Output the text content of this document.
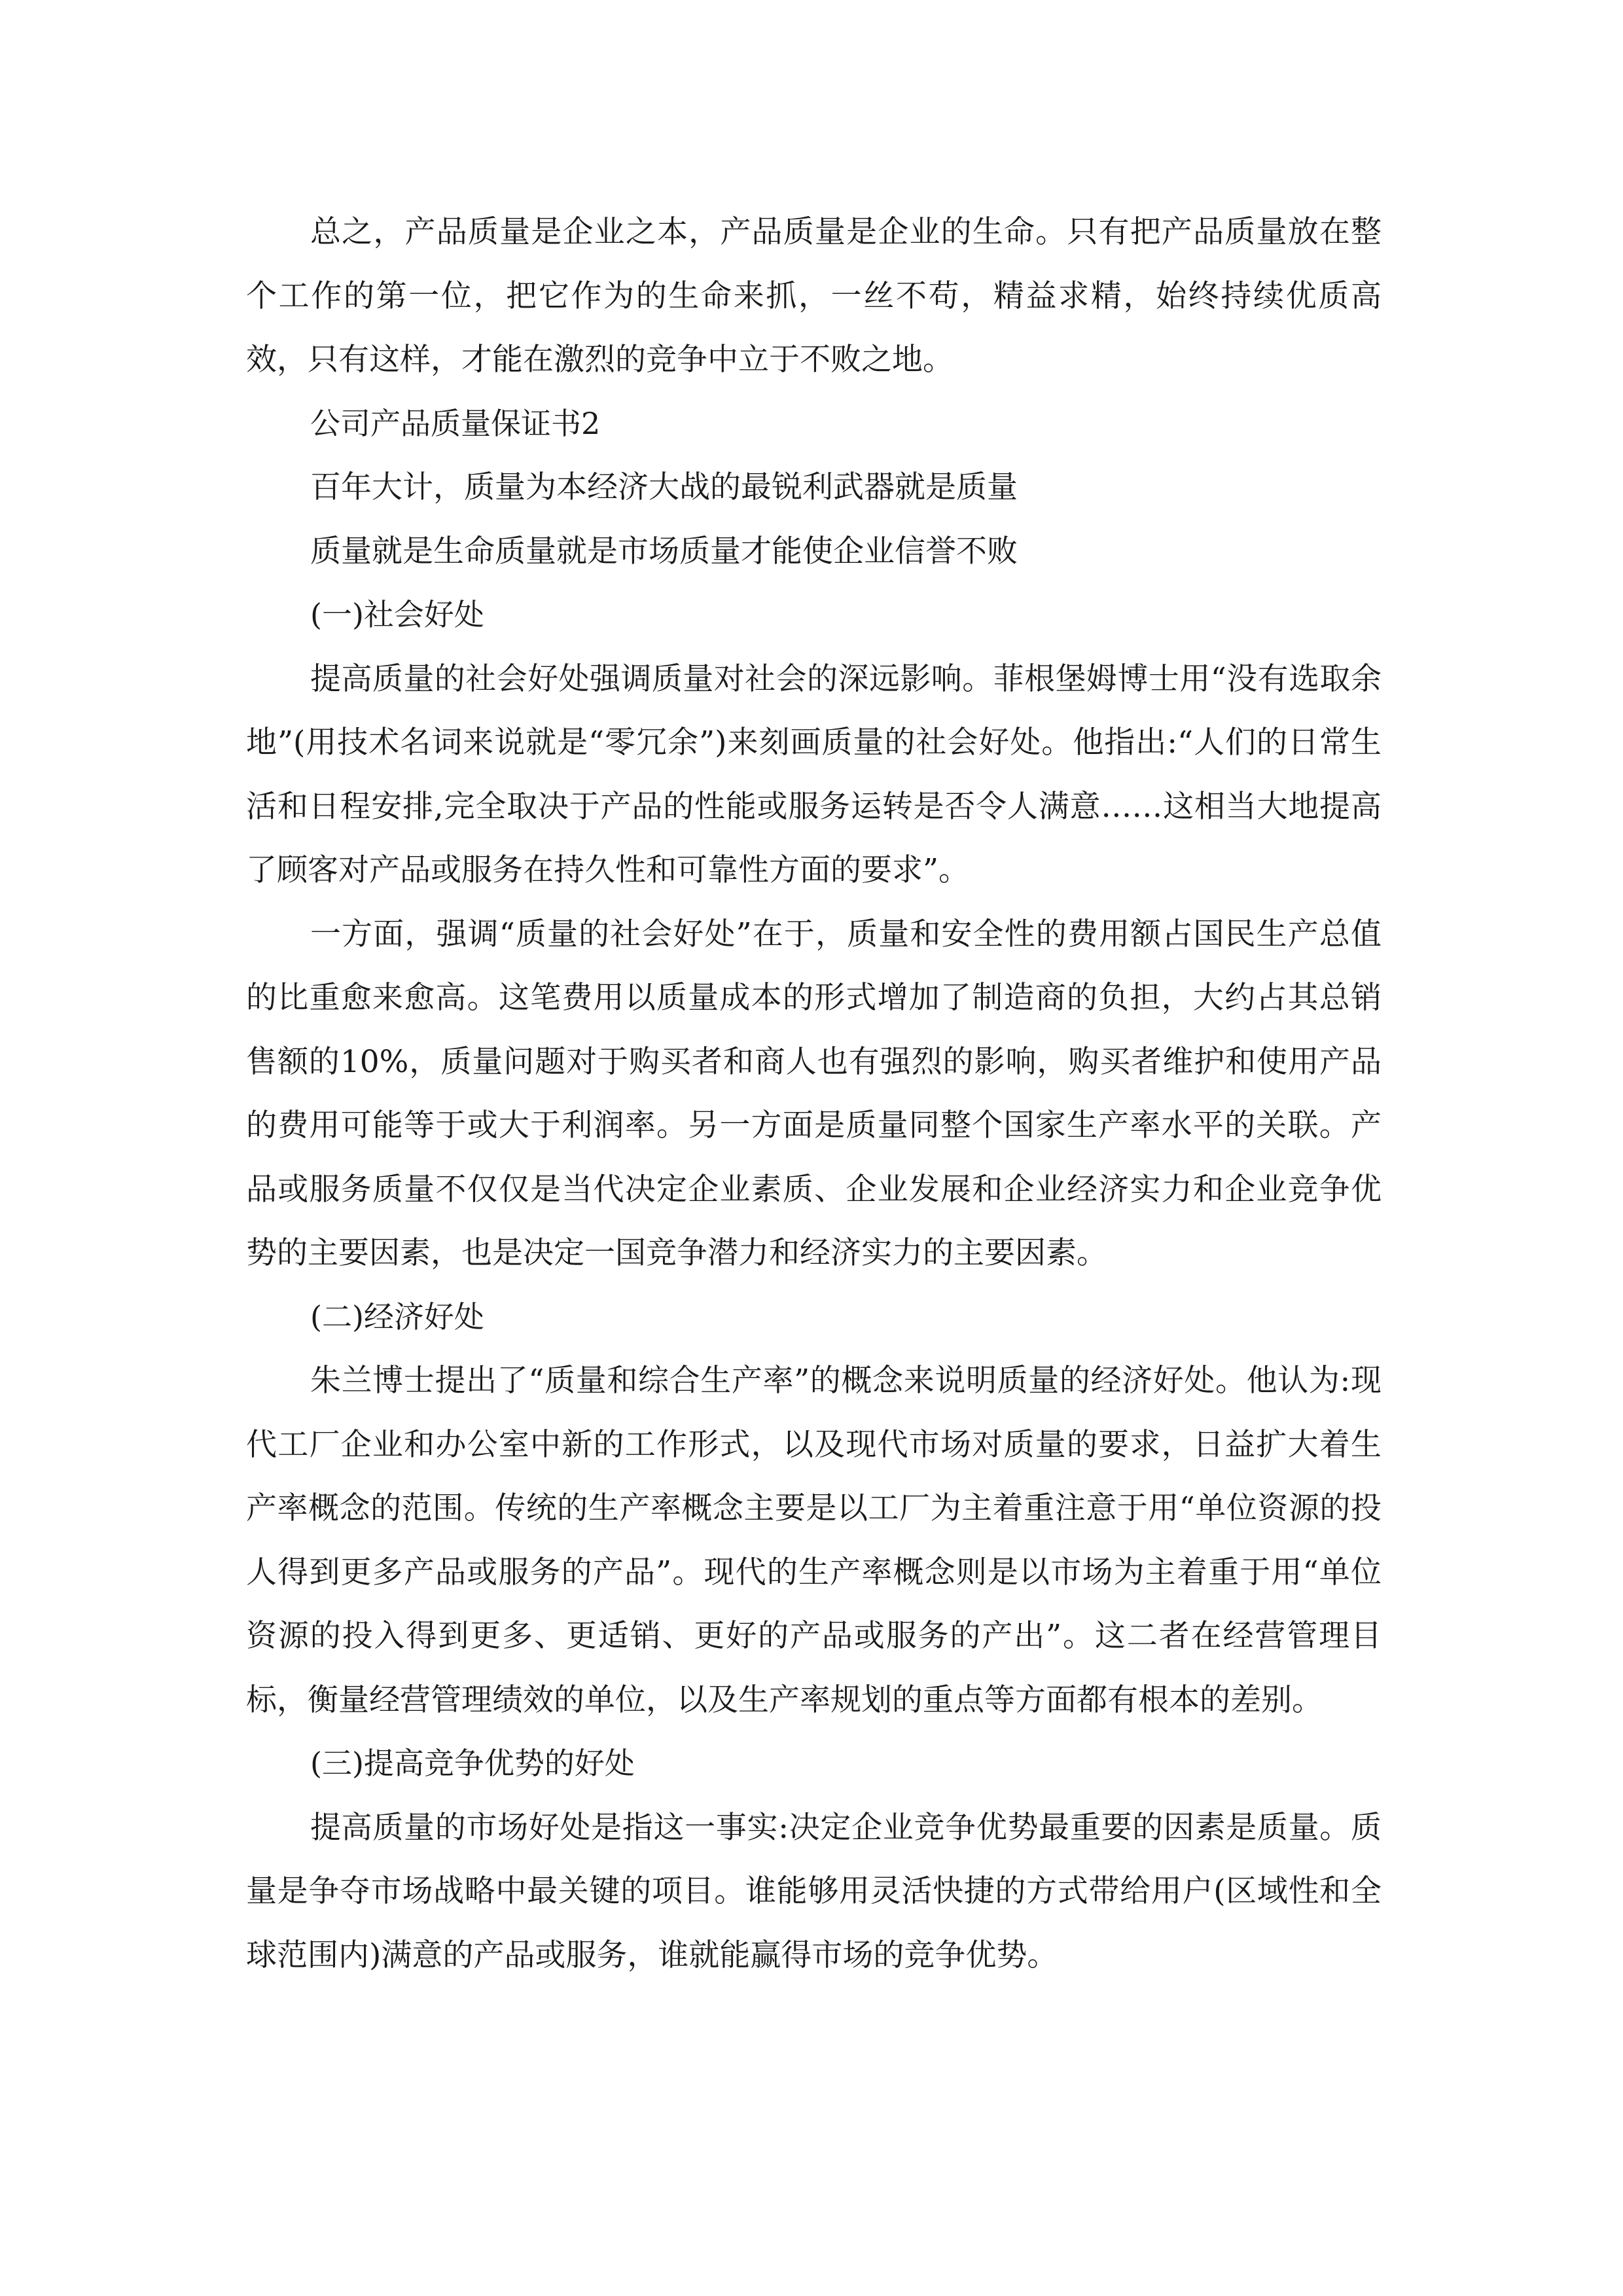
总之，产品质量是企业之本，产品质量是企业的生命。只有把产品质量放在整个工作的第一位，把它作为的生命来抓，一丝不苟，精益求精，始终持续优质高效，只有这样，才能在激烈的竞争中立于不败之地。

公司产品质量保证书2

百年大计，质量为本经济大战的最锐利武器就是质量

质量就是生命质量就是市场质量才能使企业信誉不败

(一)社会好处

提高质量的社会好处强调质量对社会的深远影响。菲根堡姆博士用“没有选取余地”(用技术名词来说就是“零冗余”)来刻画质量的社会好处。他指出:“人们的日常生活和日程安排,完全取决于产品的性能或服务运转是否令人满意……这相当大地提高了顾客对产品或服务在持久性和可靠性方面的要求”。

一方面，强调“质量的社会好处”在于，质量和安全性的费用额占国民生产总值的比重愈来愈高。这笔费用以质量成本的形式增加了制造商的负担，大约占其总销售额的10%，质量问题对于购买者和商人也有强烈的影响，购买者维护和使用产品的费用可能等于或大于利润率。另一方面是质量同整个国家生产率水平的关联。产品或服务质量不仅仅是当代决定企业素质、企业发展和企业经济实力和企业竞争优势的主要因素，也是决定一国竞争潜力和经济实力的主要因素。

(二)经济好处

朱兰博士提出了“质量和综合生产率”的概念来说明质量的经济好处。他认为:现代工厂企业和办公室中新的工作形式，以及现代市场对质量的要求，日益扩大着生产率概念的范围。传统的生产率概念主要是以工厂为主着重注意于用“单位资源的投人得到更多产品或服务的产品”。现代的生产率概念则是以市场为主着重于用“单位资源的投入得到更多、更适销、更好的产品或服务的产出”。这二者在经营管理目标，衡量经营管理绩效的单位，以及生产率规划的重点等方面都有根本的差别。

(三)提高竞争优势的好处

提高质量的市场好处是指这一事实:决定企业竞争优势最重要的因素是质量。质量是争夺市场战略中最关键的项目。谁能够用灵活快捷的方式带给用户(区域性和全球范围内)满意的产品或服务，谁就能赢得市场的竞争优势。
